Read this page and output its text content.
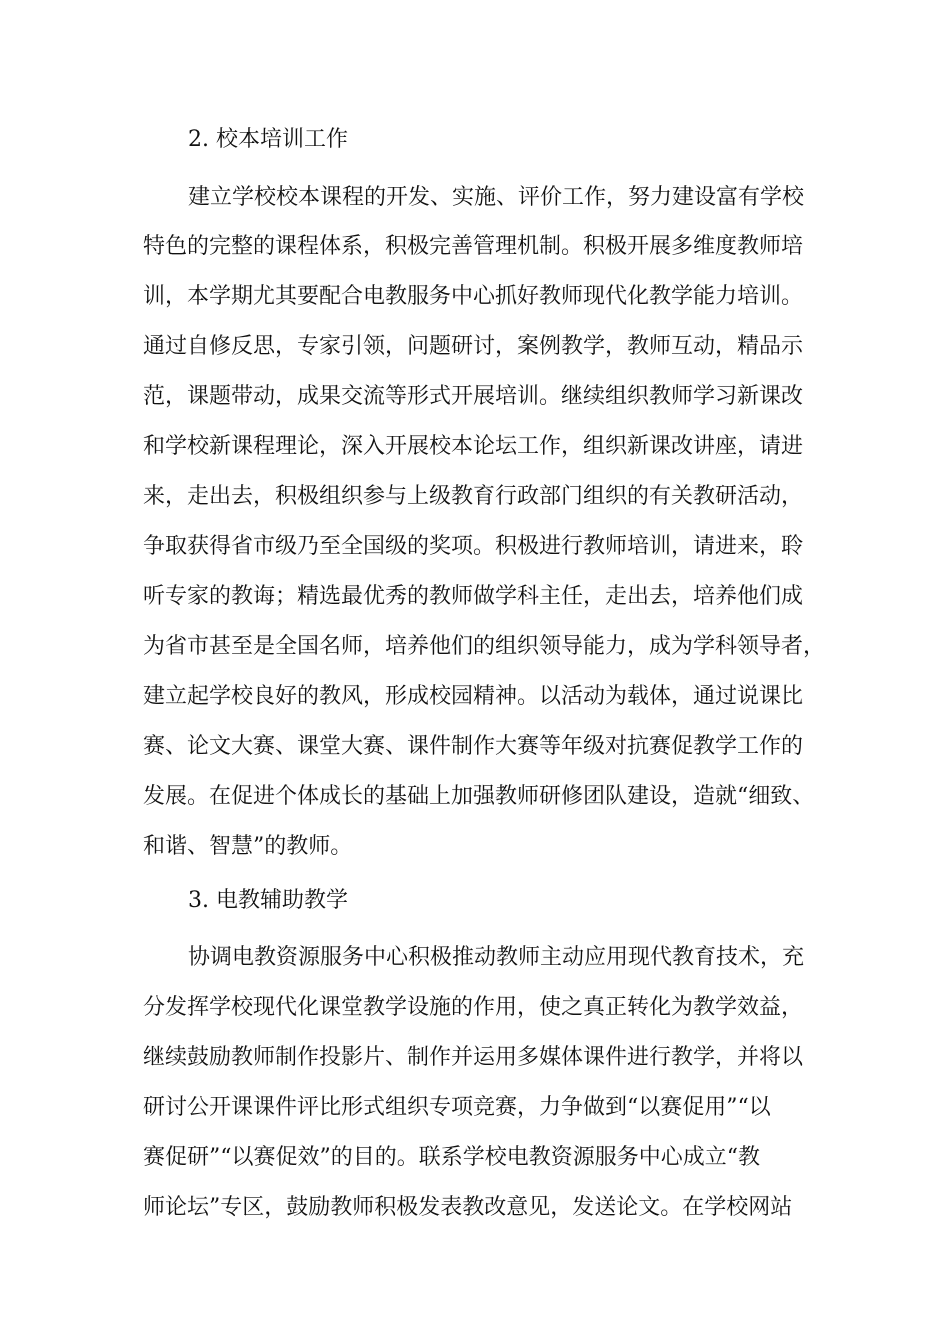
2. 校本培训工作
建立学校校本课程的开发、实施、评价工作，努力建设富有学校
特色的完整的课程体系，积极完善管理机制。积极开展多维度教师培
训，本学期尤其要配合电教服务中心抓好教师现代化教学能力培训。
通过自修反思，专家引领，问题研讨，案例教学，教师互动，精品示
范，课题带动，成果交流等形式开展培训。继续组织教师学习新课改
和学校新课程理论，深入开展校本论坛工作，组织新课改讲座，请进
来，走出去，积极组织参与上级教育行政部门组织的有关教研活动，
争取获得省市级乃至全国级的奖项。积极进行教师培训，请进来，聆
听专家的教诲；精选最优秀的教师做学科主任，走出去，培养他们成
为省市甚至是全国名师，培养他们的组织领导能力，成为学科领导者，
建立起学校良好的教风，形成校园精神。以活动为载体，通过说课比
赛、论文大赛、课堂大赛、课件制作大赛等年级对抗赛促教学工作的
发展。在促进个体成长的基础上加强教师研修团队建设，造就“细致、
和谐、智慧”的教师。
3. 电教辅助教学
协调电教资源服务中心积极推动教师主动应用现代教育技术，充
分发挥学校现代化课堂教学设施的作用，使之真正转化为教学效益，
继续鼓励教师制作投影片、制作并运用多媒体课件进行教学，并将以
研讨公开课课件评比形式组织专项竞赛，力争做到“以赛促用”“以
赛促研”“以赛促效”的目的。联系学校电教资源服务中心成立“教
师论坛”专区，鼓励教师积极发表教改意见，发送论文。在学校网站
